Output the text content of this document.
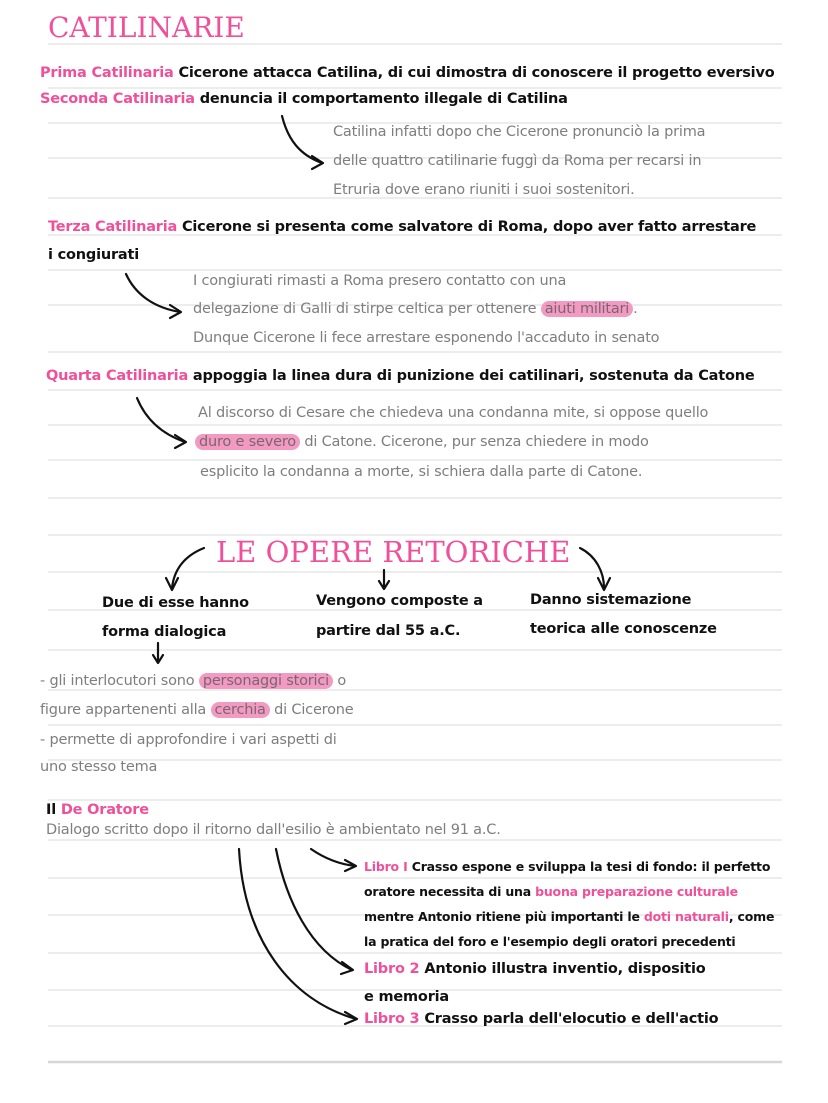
CATILINARIE
Prima Catilinaria Cicerone attacca Catilina, di cui dimostra di conoscere il progetto eversivo
Seconda Catilinaria denuncia il comportamento illegale di Catilina
Catilina infatti dopo che Cicerone pronunciò la prima
delle quattro catilinarie fuggì da Roma per recarsi in
Etruria dove erano riuniti i suoi sostenitori.
Terza Catilinaria Cicerone si presenta come salvatore di Roma, dopo aver fatto arrestare
i congiurati
I congiurati rimasti a Roma presero contatto con una
delegazione di Galli di stirpe celtica per ottenere aiuti militari .
Dunque Cicerone li fece arrestare esponendo l'accaduto in senato
Quarta Catilinaria appoggia la linea dura di punizione dei catilinari, sostenuta da Catone
Al discorso di Cesare che chiedeva una condanna mite, si oppose quello
duro e severo di Catone. Cicerone, pur senza chiedere in modo
esplicito la condanna a morte, si schiera dalla parte di Catone.
LE OPERE RETORICHE
Due di esse hanno
forma dialogica
Vengono composte a
partire dal 55 a.C.
Danno sistemazione
teorica alle conoscenze
- gli interlocutori sono personaggi storici o
figure appartenenti alla cerchia di Cicerone
- permette di approfondire i vari aspetti di
uno stesso tema
Il De Oratore
Dialogo scritto dopo il ritorno dall'esilio è ambientato nel 91 a.C.
Libro I Crasso espone e sviluppa la tesi di fondo: il perfetto
oratore necessita di una buona preparazione culturale
mentre Antonio ritiene più importanti le doti naturali, come
la pratica del foro e l'esempio degli oratori precedenti
Libro 2 Antonio illustra inventio, dispositio
e memoria
Libro 3 Crasso parla dell'elocutio e dell'actio
